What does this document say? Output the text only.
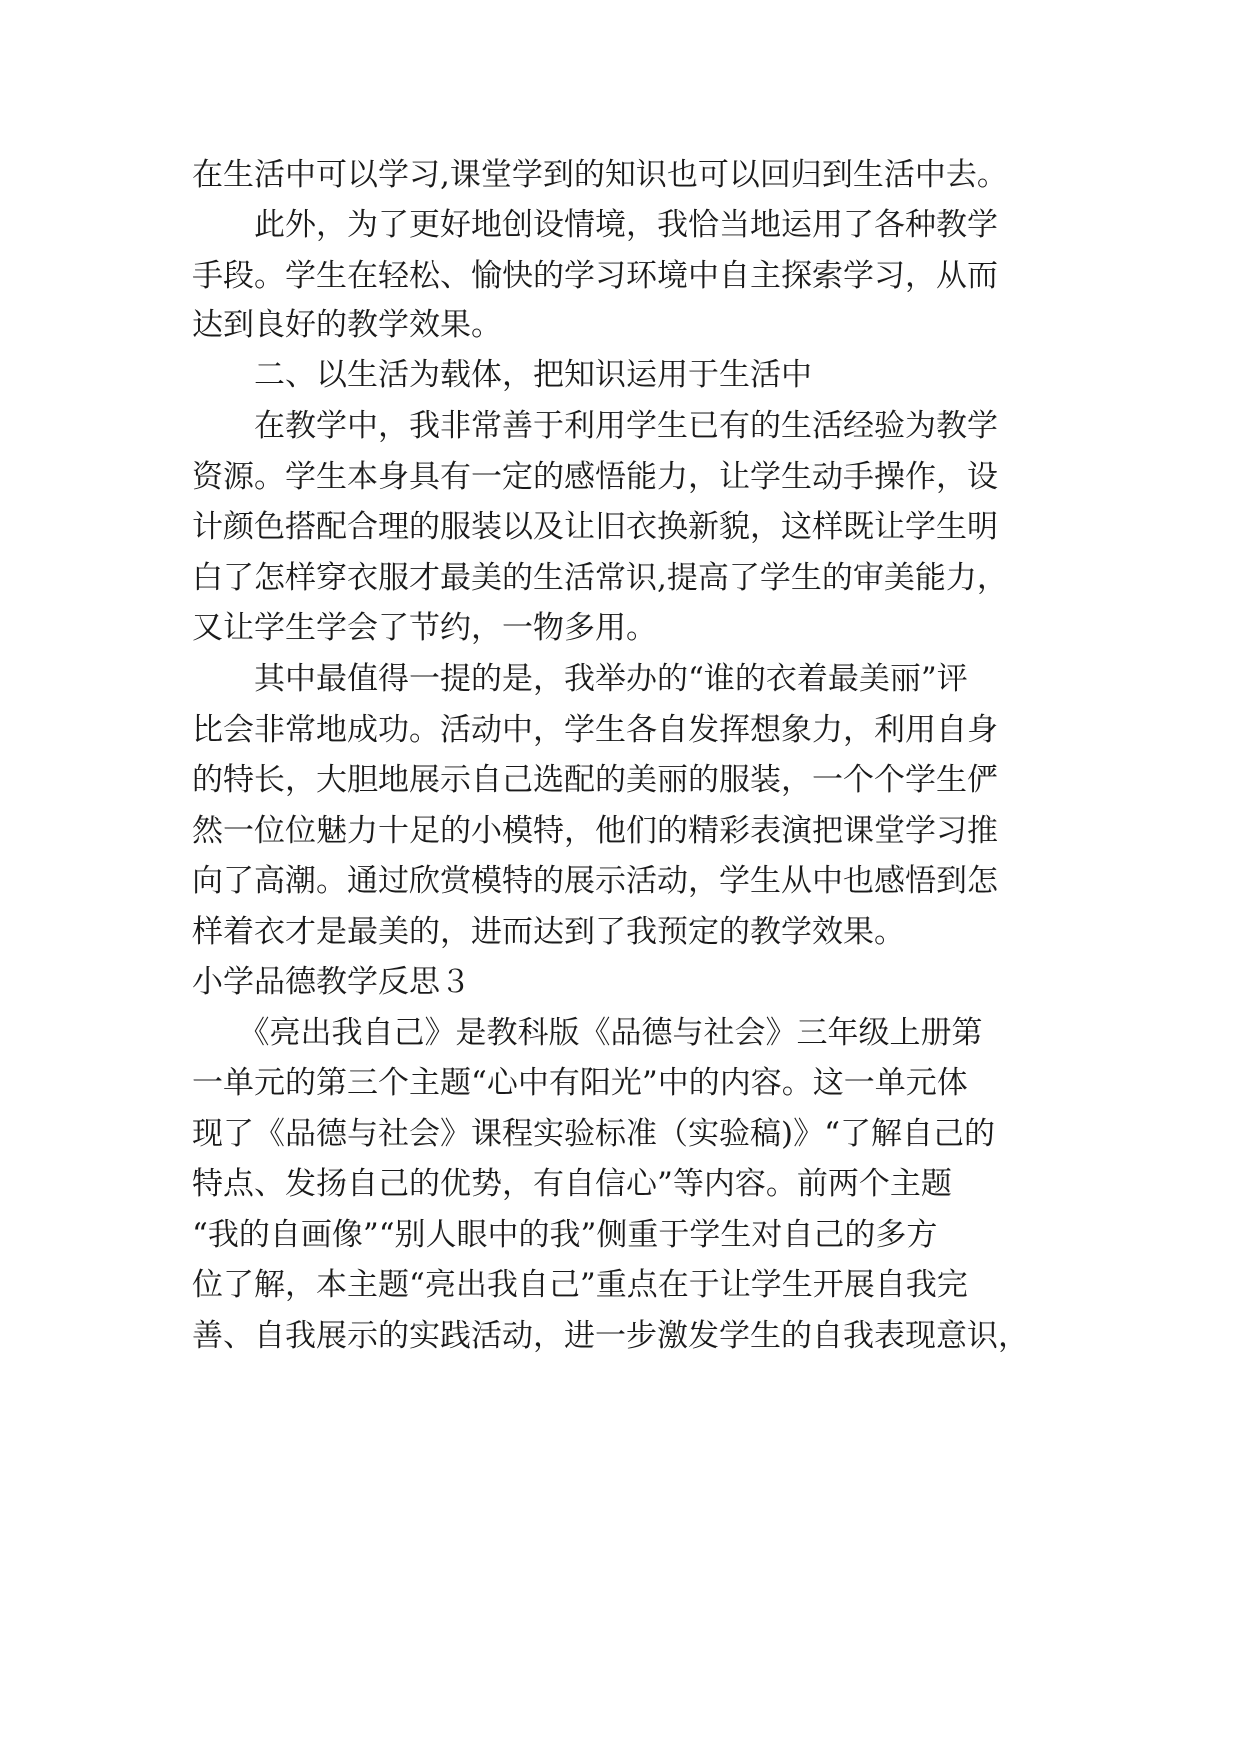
在生活中可以学习,课堂学到的知识也可以回归到生活中去。
　　此外，为了更好地创设情境，我恰当地运用了各种教学
手段。学生在轻松、愉快的学习环境中自主探索学习，从而
达到良好的教学效果。
　　二、以生活为载体，把知识运用于生活中
　　在教学中，我非常善于利用学生已有的生活经验为教学
资源。学生本身具有一定的感悟能力，让学生动手操作，设
计颜色搭配合理的服装以及让旧衣换新貌，这样既让学生明
白了怎样穿衣服才最美的生活常识,提高了学生的审美能力，
又让学生学会了节约，一物多用。
　　其中最值得一提的是，我举办的“谁的衣着最美丽”评
比会非常地成功。活动中，学生各自发挥想象力，利用自身
的特长，大胆地展示自己选配的美丽的服装，一个个学生俨
然一位位魅力十足的小模特，他们的精彩表演把课堂学习推
向了高潮。通过欣赏模特的展示活动，学生从中也感悟到怎
样着衣才是最美的，进而达到了我预定的教学效果。
小学品德教学反思３
　　《亮出我自己》是教科版《品德与社会》三年级上册第
一单元的第三个主题“心中有阳光”中的内容。这一单元体
现了《品德与社会》课程实验标准（实验稿)》“了解自己的
特点、发扬自己的优势，有自信心”等内容。前两个主题
“我的自画像”“别人眼中的我”侧重于学生对自己的多方
位了解，本主题“亮出我自己”重点在于让学生开展自我完
善、自我展示的实践活动，进一步激发学生的自我表现意识，
